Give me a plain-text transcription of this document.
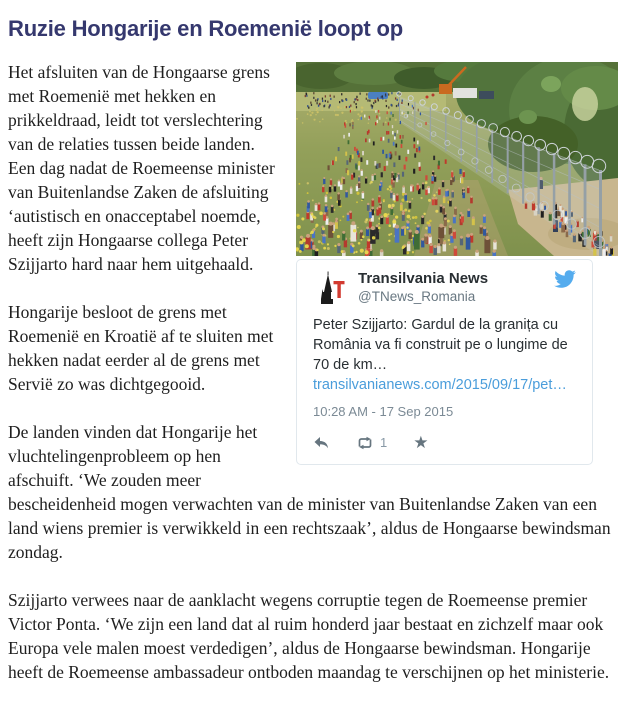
Ruzie Hongarije en Roemenië loopt op
Transilvania News
@TNews_Romania
Peter Szijjarto: Gardul de la granița cu România va fi construit pe o lungime de 70 de km…
transilvanianews.com/2015/09/17/pet…
10:28 AM - 17 Sep 2015
1 ★

Het afsluiten van de Hongaarse grens met Roemenië met hekken en prikkeldraad, leidt tot verslechtering van de relaties tussen beide landen. Een dag nadat de Roemeense minister van Buitenlandse Zaken de afsluiting ‘autistisch en onacceptabel noemde, heeft zijn Hongaarse collega Peter Szijjarto hard naar hem uitgehaald.

Hongarije besloot de grens met Roemenië en Kroatië af te sluiten met hekken nadat eerder al de grens met Servië zo was dichtgegooid.

De landen vinden dat Hongarije het vluchtelingenprobleem op hen afschuift. ‘We zouden meer bescheidenheid mogen verwachten van de minister van Buitenlandse Zaken van een land wiens premier is verwikkeld in een rechtszaak’, aldus de Hongaarse bewindsman zondag.

Szijjarto verwees naar de aanklacht wegens corruptie tegen de Roemeense premier Victor Ponta. ‘We zijn een land dat al ruim honderd jaar bestaat en zichzelf maar ook Europa vele malen moest verdedigen’, aldus de Hongaarse bewindsman. Hongarije heeft de Roemeense ambassadeur ontboden maandag te verschijnen op het ministerie.
